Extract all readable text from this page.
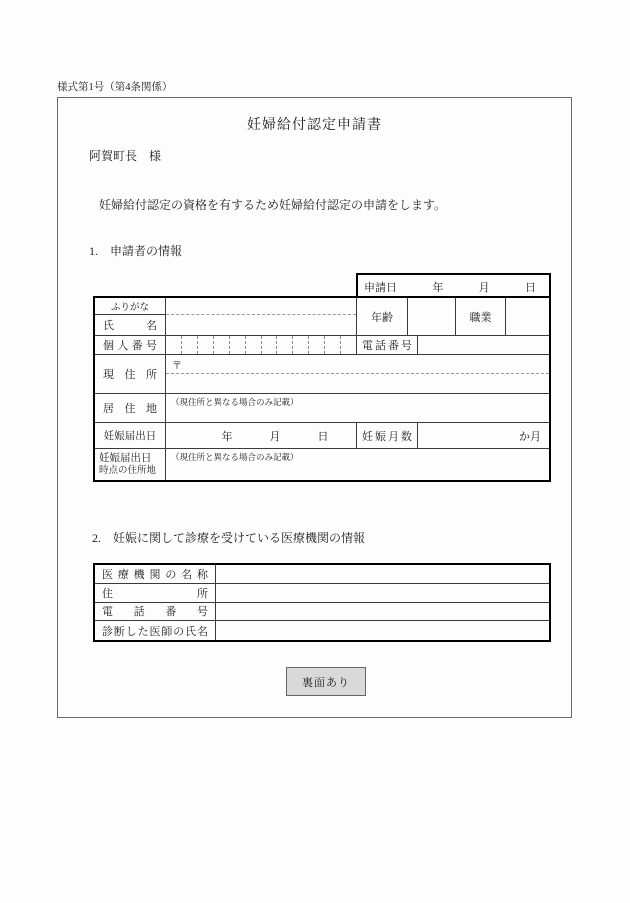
様式第1号（第4条関係）
妊婦給付認定申請書
阿賀町長　様
妊婦給付認定の資格を有するため妊婦給付認定の申請をします。
1.　申請者の情報
申請日	年	月	日
ふりがな
年齢	職業
氏名
個人番号	電話番号
現住所
〒
居住地
（現住所と異なる場合のみ記載）
妊娠届出日	年	月	日	妊娠月数	か月
妊娠届出日
時点の住所地
（現住所と異なる場合のみ記載）
2.　妊娠に関して診療を受けている医療機関の情報
医療機関の名称
住所
電話番号
診断した医師の氏名
裏面あり
